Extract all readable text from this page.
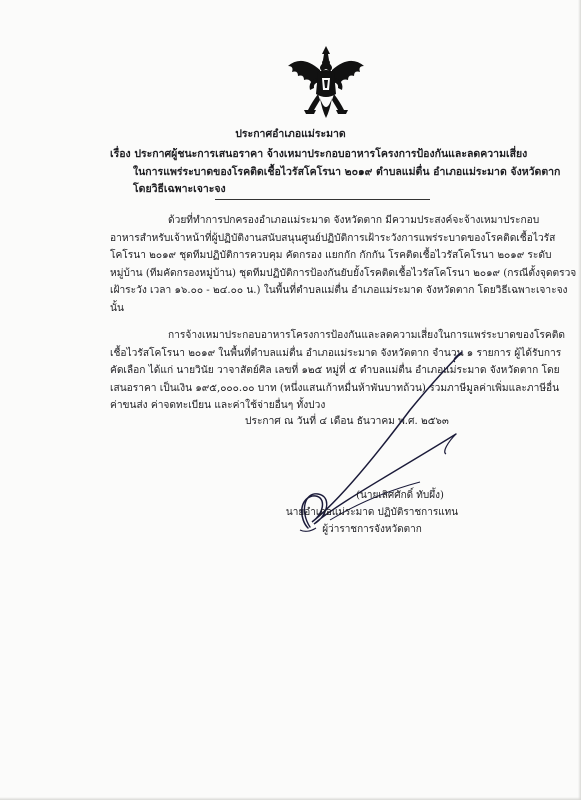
ประกาศอำเภอแม่ระมาด
เรื่อง ประกาศผู้ชนะการเสนอราคา จ้างเหมาประกอบอาหารโครงการป้องกันและลดความเสี่ยง
ในการแพร่ระบาดของโรคติดเชื้อไวรัสโคโรนา ๒๐๑๙ ตำบลแม่ตื่น อำเภอแม่ระมาด จังหวัดตาก
โดยวิธีเฉพาะเจาะจง
ด้วยที่ทำการปกครองอำเภอแม่ระมาด จังหวัดตาก มีความประสงค์จะจ้างเหมาประกอบ
อาหารสำหรับเจ้าหน้าที่ผู้ปฏิบัติงานสนับสนุนศูนย์ปฏิบัติการเฝ้าระวังการแพร่ระบาดของโรคติดเชื้อไวรัส
โคโรนา ๒๐๑๙ ชุดทีมปฏิบัติการควบคุม คัดกรอง แยกกัก กักกัน โรคติดเชื้อไวรัสโคโรนา ๒๐๑๙ ระดับ
หมู่บ้าน (ทีมคัดกรองหมู่บ้าน) ชุดทีมปฏิบัติการป้องกันยับยั้งโรคติดเชื้อไวรัสโคโรนา ๒๐๑๙ (กรณีตั้งจุดตรวจ
เฝ้าระวัง เวลา ๑๖.๐๐ - ๒๔.๐๐ น.) ในพื้นที่ตำบลแม่ตื่น อำเภอแม่ระมาด จังหวัดตาก โดยวิธีเฉพาะเจาะจง
นั้น
การจ้างเหมาประกอบอาหารโครงการป้องกันและลดความเสี่ยงในการแพร่ระบาดของโรคติด
เชื้อไวรัสโคโรนา ๒๐๑๙ ในพื้นที่ตำบลแม่ตื่น อำเภอแม่ระมาด จังหวัดตาก จำนวน ๑ รายการ ผู้ได้รับการ
คัดเลือก ได้แก่ นายวินัย วาจาสัตย์ศิล เลขที่ ๑๒๕ หมู่ที่ ๕ ตำบลแม่ตื่น อำเภอแม่ระมาด จังหวัดตาก โดย
เสนอราคา เป็นเงิน ๑๙๕,๐๐๐.๐๐ บาท (หนึ่งแสนเก้าหมื่นห้าพันบาทถ้วน) รวมภาษีมูลค่าเพิ่มและภาษีอื่น
ค่าขนส่ง ค่าจดทะเบียน และค่าใช้จ่ายอื่นๆ ทั้งปวง
ประกาศ ณ วันที่ ๔ เดือน ธันวาคม พ.ศ. ๒๕๖๓
(นายเลิศศักดิ์ ทับผึ้ง)
นายอำเภอแม่ระมาด ปฏิบัติราชการแทน
ผู้ว่าราชการจังหวัดตาก
